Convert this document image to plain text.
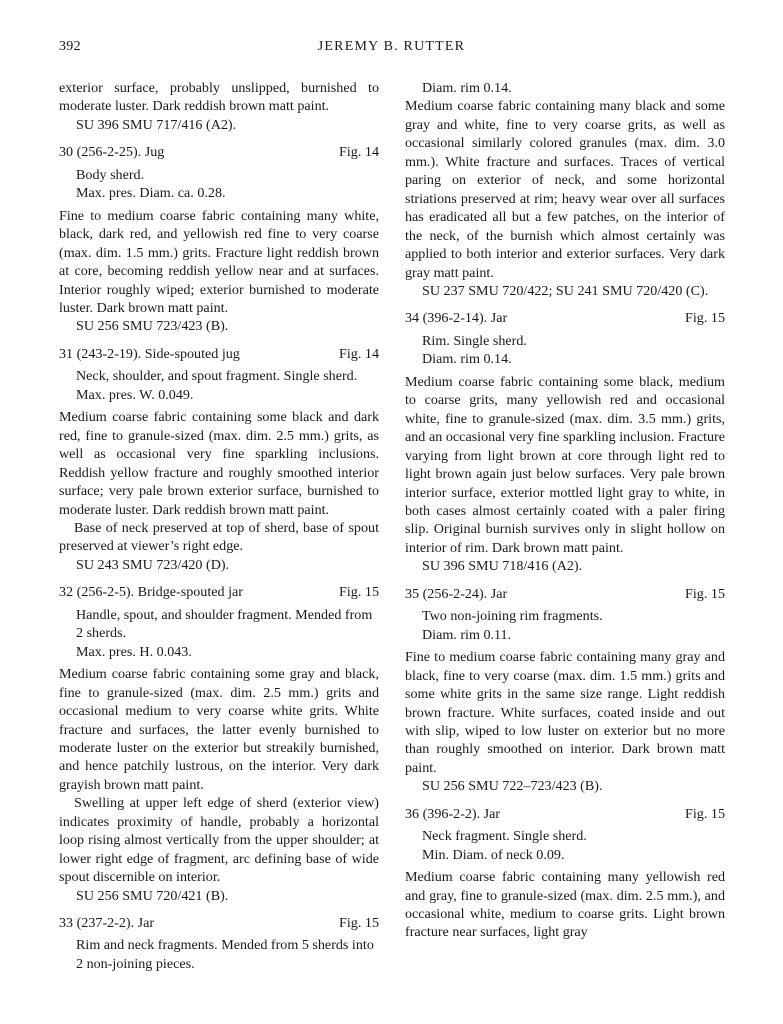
392	JEREMY B. RUTTER
exterior surface, probably unslipped, burnished to moderate luster. Dark reddish brown matt paint.
SU 396 SMU 717/416 (A2).
30 (256-2-25). Jug	Fig. 14
Body sherd.
Max. pres. Diam. ca. 0.28.
Fine to medium coarse fabric containing many white, black, dark red, and yellowish red fine to very coarse (max. dim. 1.5 mm.) grits. Fracture light reddish brown at core, becoming reddish yellow near and at surfaces. Interior roughly wiped; exterior burnished to moderate luster. Dark brown matt paint.
SU 256 SMU 723/423 (B).
31 (243-2-19). Side-spouted jug	Fig. 14
Neck, shoulder, and spout fragment. Single sherd.
Max. pres. W. 0.049.
Medium coarse fabric containing some black and dark red, fine to granule-sized (max. dim. 2.5 mm.) grits, as well as occasional very fine sparkling inclusions. Reddish yellow fracture and roughly smoothed interior surface; very pale brown exterior surface, burnished to moderate luster. Dark reddish brown matt paint.
Base of neck preserved at top of sherd, base of spout preserved at viewer’s right edge.
SU 243 SMU 723/420 (D).
32 (256-2-5). Bridge-spouted jar	Fig. 15
Handle, spout, and shoulder fragment. Mended from 2 sherds.
Max. pres. H. 0.043.
Medium coarse fabric containing some gray and black, fine to granule-sized (max. dim. 2.5 mm.) grits and occasional medium to very coarse white grits. White fracture and surfaces, the latter evenly burnished to moderate luster on the exterior but streakily burnished, and hence patchily lustrous, on the interior. Very dark grayish brown matt paint.
Swelling at upper left edge of sherd (exterior view) indicates proximity of handle, probably a horizontal loop rising almost vertically from the upper shoulder; at lower right edge of fragment, arc defining base of wide spout discernible on interior.
SU 256 SMU 720/421 (B).
33 (237-2-2). Jar	Fig. 15
Rim and neck fragments. Mended from 5 sherds into 2 non-joining pieces.
Diam. rim 0.14.
Medium coarse fabric containing many black and some gray and white, fine to very coarse grits, as well as occasional similarly colored granules (max. dim. 3.0 mm.). White fracture and surfaces. Traces of vertical paring on exterior of neck, and some horizontal striations preserved at rim; heavy wear over all surfaces has eradicated all but a few patches, on the interior of the neck, of the burnish which almost certainly was applied to both interior and exterior surfaces. Very dark gray matt paint.
SU 237 SMU 720/422; SU 241 SMU 720/420 (C).
34 (396-2-14). Jar	Fig. 15
Rim. Single sherd.
Diam. rim 0.14.
Medium coarse fabric containing some black, medium to coarse grits, many yellowish red and occasional white, fine to granule-sized (max. dim. 3.5 mm.) grits, and an occasional very fine sparkling inclusion. Fracture varying from light brown at core through light red to light brown again just below surfaces. Very pale brown interior surface, exterior mottled light gray to white, in both cases almost certainly coated with a paler firing slip. Original burnish survives only in slight hollow on interior of rim. Dark brown matt paint.
SU 396 SMU 718/416 (A2).
35 (256-2-24). Jar	Fig. 15
Two non-joining rim fragments.
Diam. rim 0.11.
Fine to medium coarse fabric containing many gray and black, fine to very coarse (max. dim. 1.5 mm.) grits and some white grits in the same size range. Light reddish brown fracture. White surfaces, coated inside and out with slip, wiped to low luster on exterior but no more than roughly smoothed on interior. Dark brown matt paint.
SU 256 SMU 722–723/423 (B).
36 (396-2-2). Jar	Fig. 15
Neck fragment. Single sherd.
Min. Diam. of neck 0.09.
Medium coarse fabric containing many yellowish red and gray, fine to granule-sized (max. dim. 2.5 mm.), and occasional white, medium to coarse grits. Light brown fracture near surfaces, light gray
